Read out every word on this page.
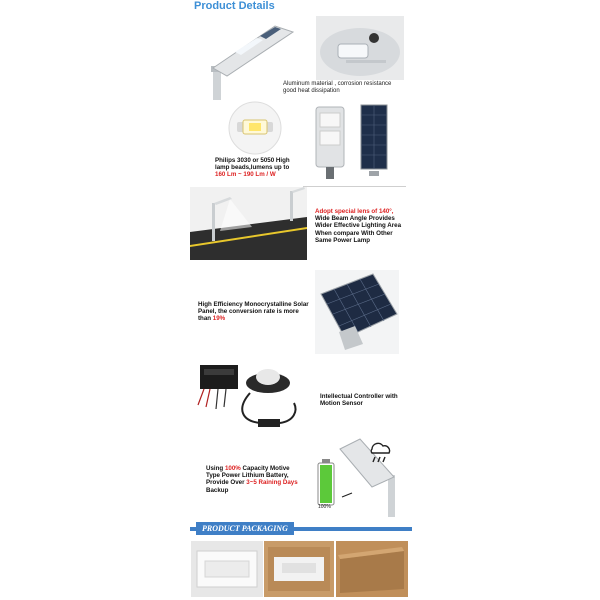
Product Details
Aluminum material , corrosion resistance
good heat dissipation
Philips 3030 or 5050 High
lamp beads,lumens up to
160 Lm ~ 190 Lm / W
Adopt special lens of 140°,
Wide Beam Angle Provides
Wider Effective Lighting Area
When compare With Other
Same Power Lamp
High Efficiency Monocrystalline Solar
Panel, the conversion rate is more
than 19%
Intellectual Controller with
Motion Sensor
Using 100% Capacity Motive
Type Power Lithium Battery,
Provide Over 3~5 Raining Days
Backup
100%
PRODUCT PACKAGING
